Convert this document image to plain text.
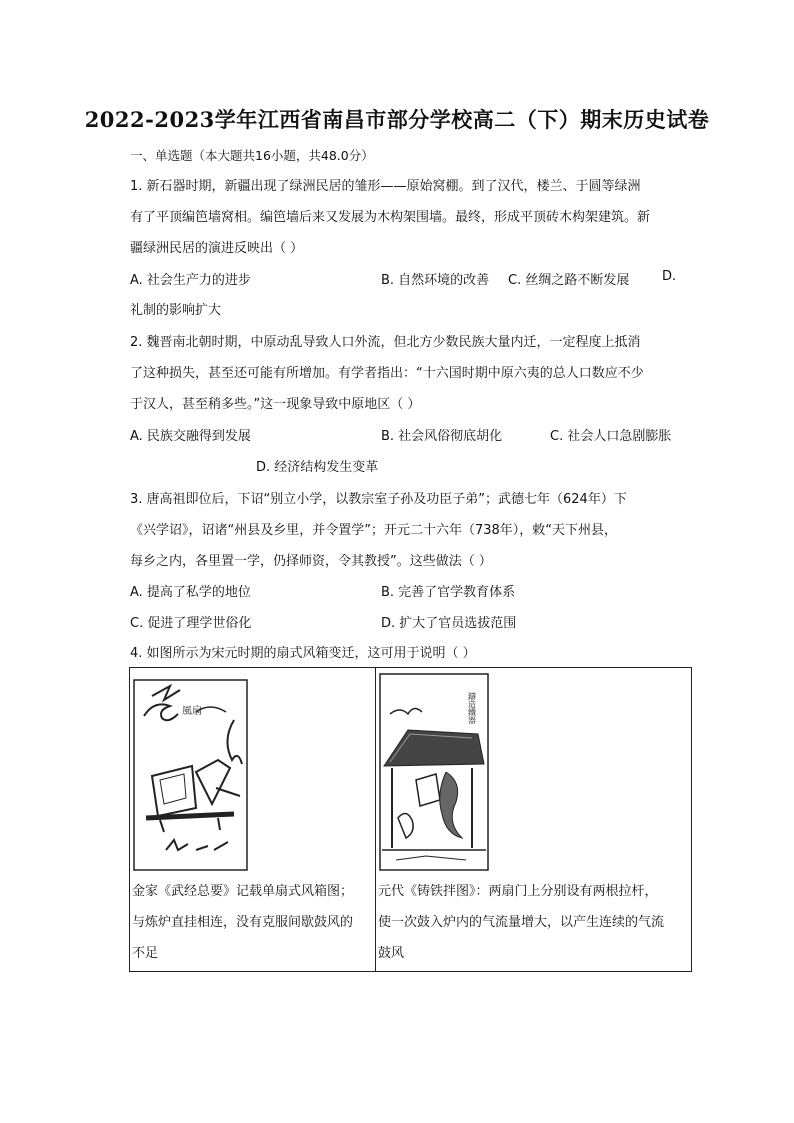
2022-2023学年江西省南昌市部分学校高二（下）期末历史试卷
一、单选题（本大题共16小题，共48.0分）
1. 新石器时期，新疆出现了绿洲民居的雏形——原始窝棚。到了汉代，楼兰、于圆等绿洲
有了平顶编笆墙窝相。编笆墙后来又发展为木构架围墙。最终，形成平顶砖木构架建筑。新
疆绿洲民居的演进反映出（ ）
A. 社会生产力的进步	B. 自然环境的改善 C. 丝绸之路不断发展	D.
礼制的影响扩大
2. 魏晋南北朝时期，中原动乱导致人口外流，但北方少数民族大量内迁，一定程度上抵消
了这种损失，甚至还可能有所增加。有学者指出：“十六国时期中原六夷的总人口数应不少
于汉人，甚至稍多些。”这一现象导致中原地区（ ）
A. 民族交融得到发展	B. 社会风俗彻底胡化	C. 社会人口急剧膨胀
D. 经济结构发生变革
3. 唐高祖即位后，下诏“别立小学，以教宗室子孙及功臣子弟”；武德七年（624年）下
《兴学诏》，诏诸“州县及乡里，并令置学”；开元二十六年（738年），敕“天下州县，
每乡之内，各里置一学，仍择师资，令其教授”。这些做法（ ）
A. 提高了私学的地位	B. 完善了官学教育体系
C. 促进了理学世俗化	D. 扩大了官员选拔范围
4. 如图所示为宋元时期的扇式风箱变迁，这可用于说明（ ）
風扇
金家《武经总要》记载单扇式风箱图；
与炼炉直挂相连，没有克服间歇鼓风的
不足

鑄造鐵器
元代《铸铁拌图》：两扇门上分别设有两根拉杆，
使一次鼓入炉内的气流量增大，以产生连续的气流
鼓风
